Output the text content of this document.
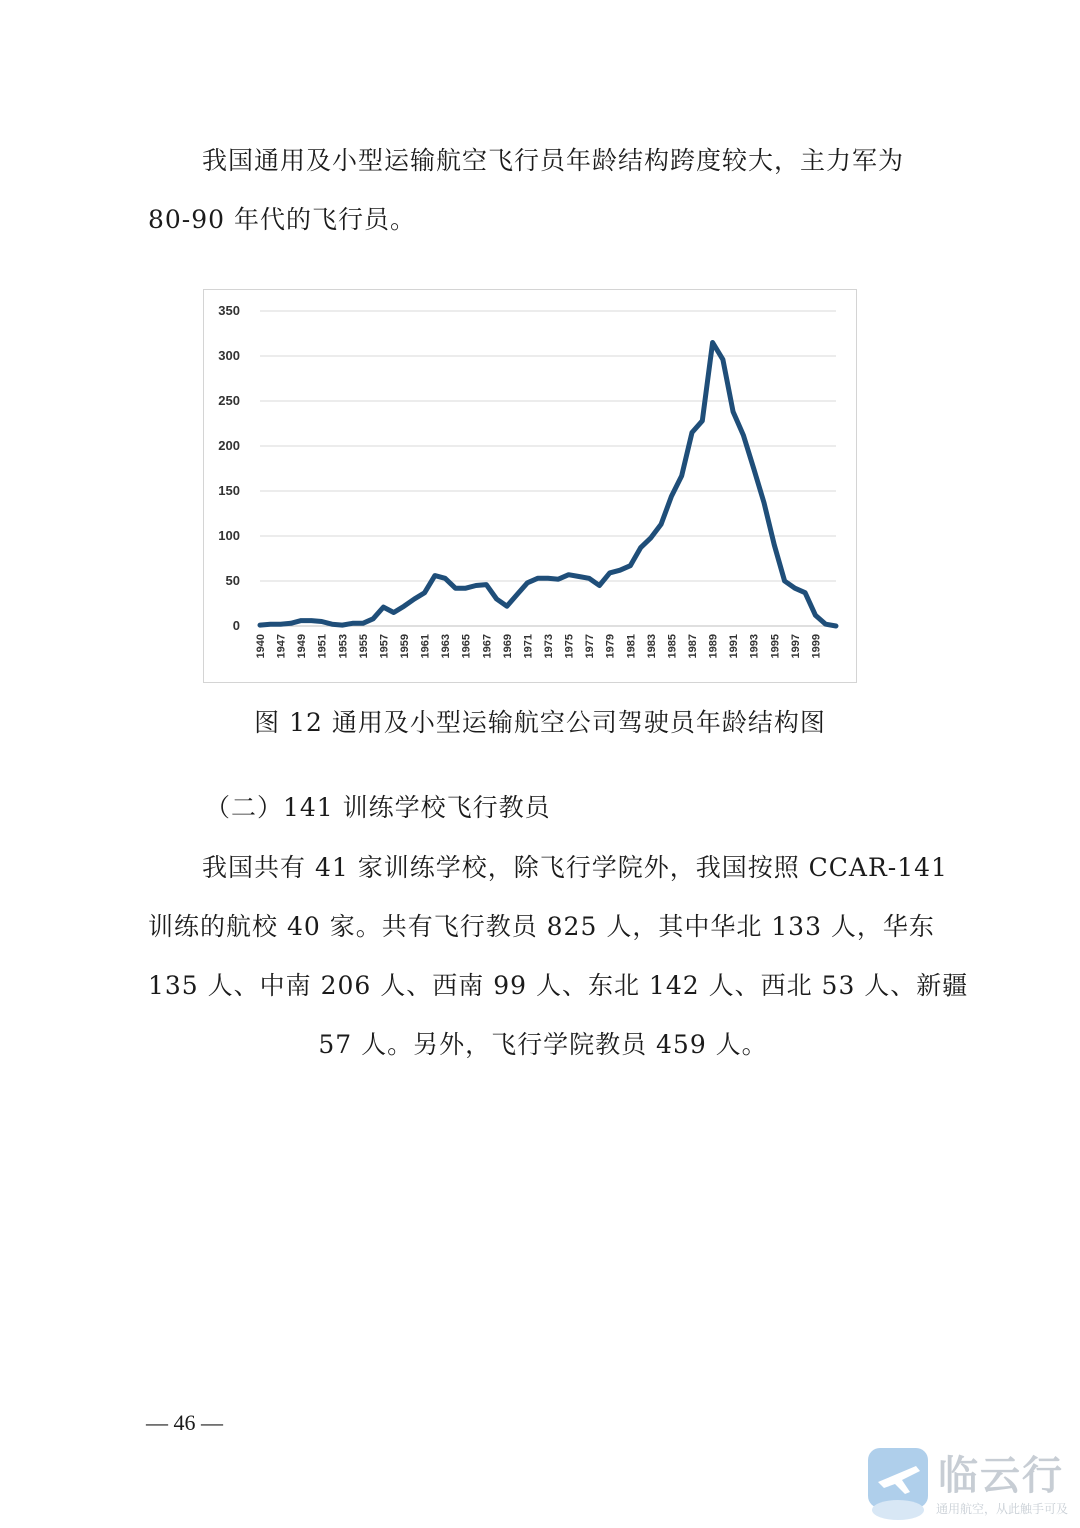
我国通用及小型运输航空飞行员年龄结构跨度较大，主力军为
80-90 年代的飞行员。
0
50
100
150
200
250
300
350
1940 1947 1949 1951 1953 1955 1957 1959 1961 1963 1965 1967 1969 1971 1973 1975 1977 1979 1981 1983 1985 1987 1989 1991 1993 1995 1997 1999

图 12 通用及小型运输航空公司驾驶员年龄结构图

（二）141 训练学校飞行教员

我国共有 41 家训练学校，除飞行学院外，我国按照 CCAR-141
训练的航校 40 家。共有飞行教员 825 人，其中华北 133 人，华东
135 人、中南 206 人、西南 99 人、东北 142 人、西北 53 人、新疆
57 人。另外，飞行学院教员 459 人。
— 46 —
临云行
通用航空，从此触手可及
